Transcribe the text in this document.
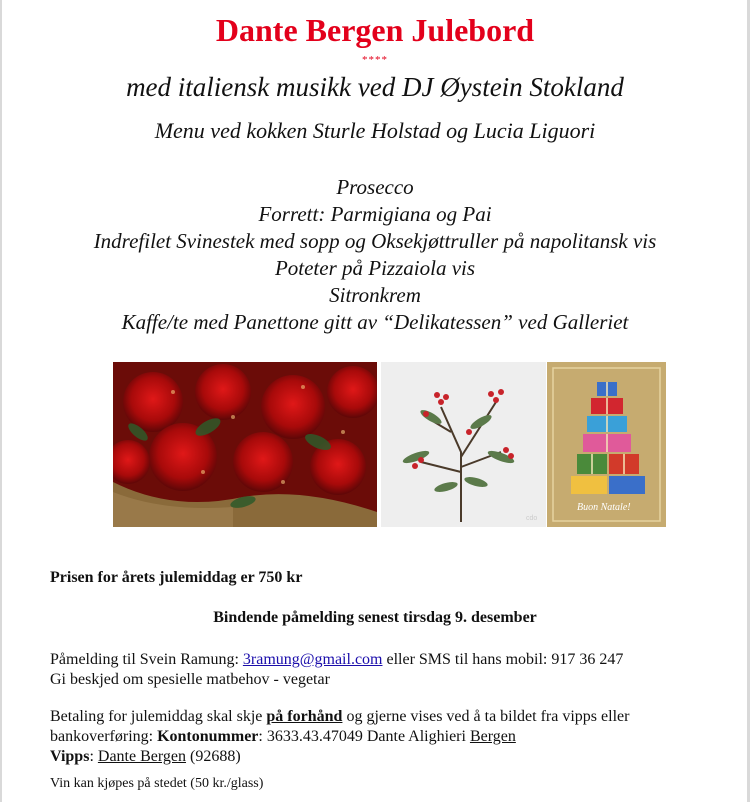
Dante Bergen Julebord
****
med italiensk musikk ved DJ Øystein Stokland
Menu ved kokken Sturle Holstad og Lucia Liguori
Prosecco
Forrett: Parmigiana og Pai
Indrefilet Svinestek med sopp og Oksekjøttruller på napolitansk vis
Poteter på Pizzaiola vis
Sitronkrem
Kaffe/te med Panettone gitt av “Delikatessen” ved Galleriet
cdo
Buon Natale!
Prisen for årets julemiddag er 750 kr
Bindende påmelding senest tirsdag 9. desember
Påmelding til Svein Ramung: 3ramung@gmail.com eller SMS til hans mobil: 917 36 247
Gi beskjed om spesielle matbehov - vegetar
Betaling for julemiddag skal skje på forhånd og gjerne vises ved å ta bildet fra vipps eller
bankoverføring: Kontonummer: 3633.43.47049 Dante Alighieri Bergen
Vipps: Dante Bergen (92688)
Vin kan kjøpes på stedet (50 kr./glass)
